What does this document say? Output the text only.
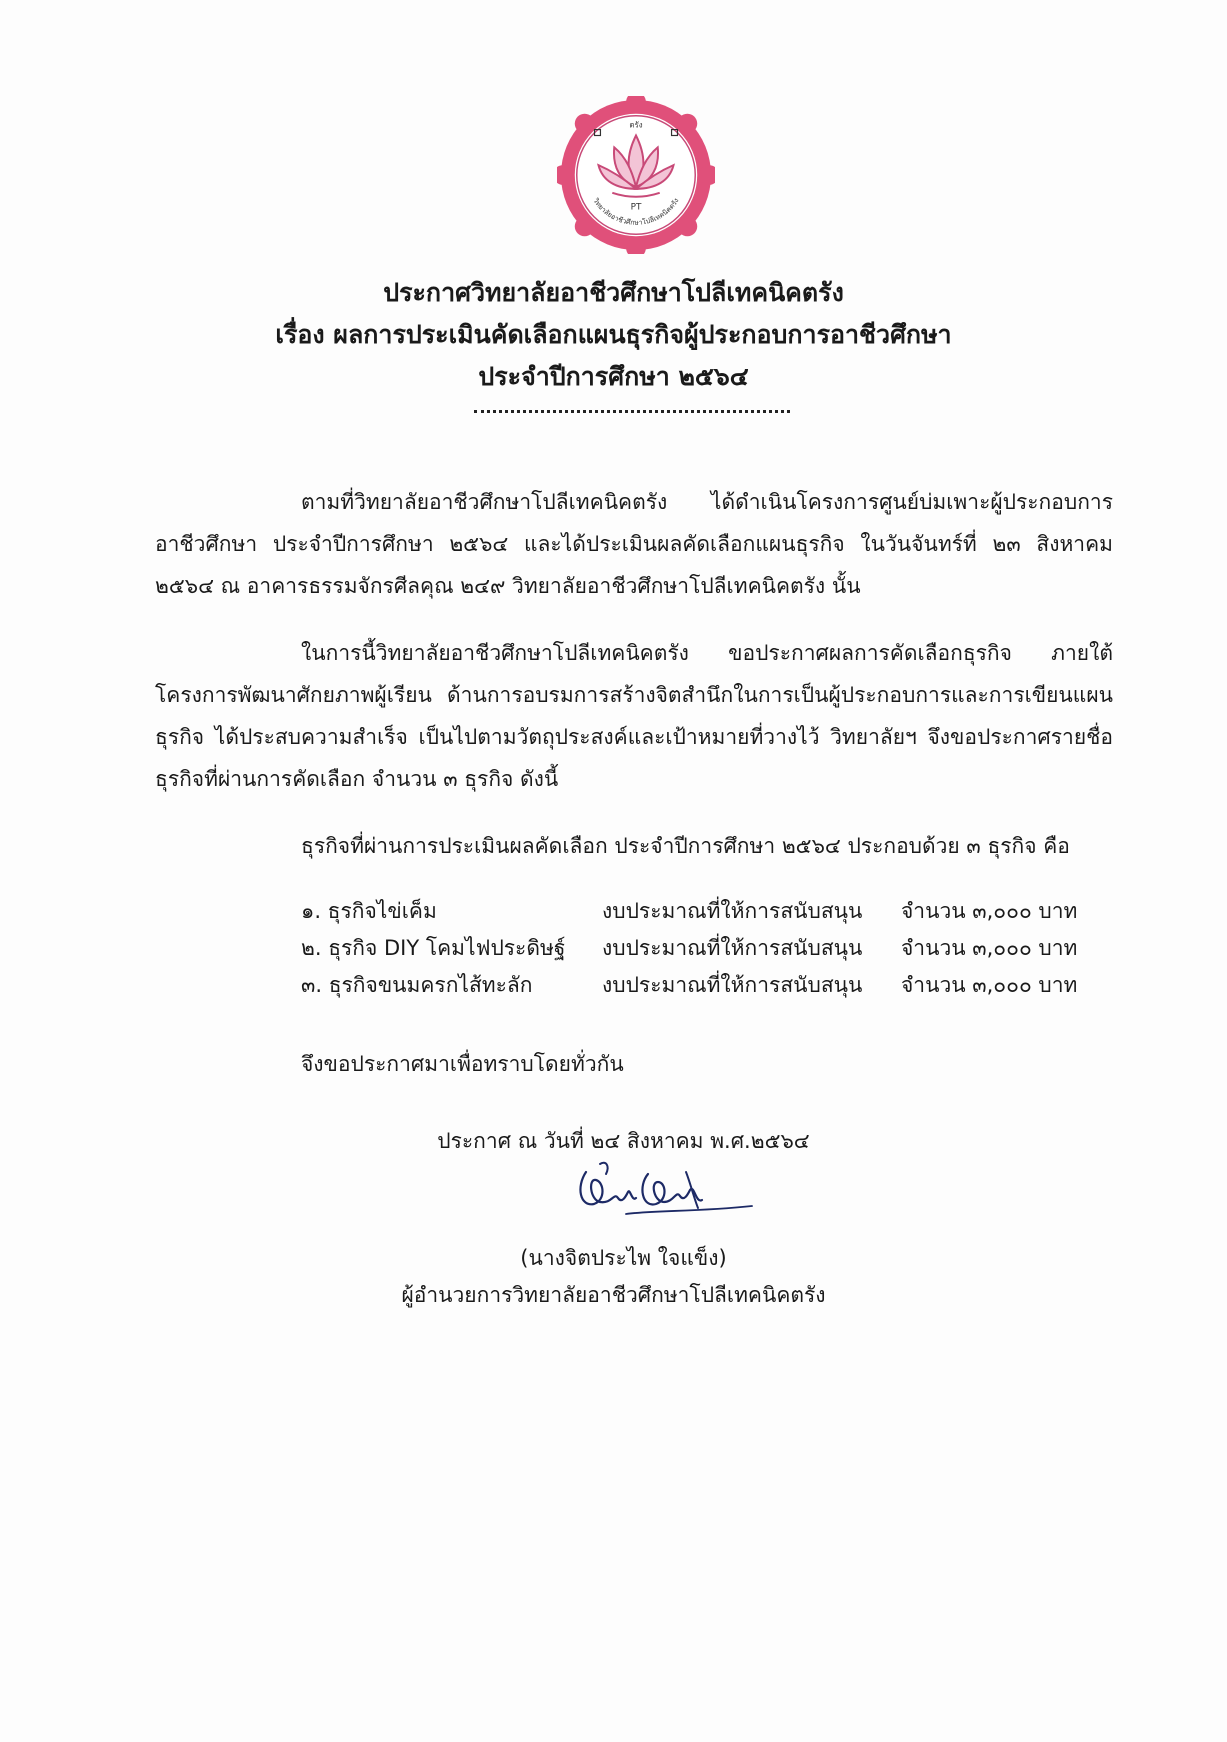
ตรัง
PT
วิทยาลัยอาชีวศึกษาโปลีเทคนิคตรัง
ประกาศวิทยาลัยอาชีวศึกษาโปลีเทคนิคตรัง
เรื่อง ผลการประเมินคัดเลือกแผนธุรกิจผู้ประกอบการอาชีวศึกษา
ประจำปีการศึกษา ๒๕๖๔
ตามที่วิทยาลัยอาชีวศึกษาโปลีเทคนิคตรัง ได้ดำเนินโครงการศูนย์บ่มเพาะผู้ประกอบการอาชีวศึกษา ประจำปีการศึกษา ๒๕๖๔ และได้ประเมินผลคัดเลือกแผนธุรกิจ ในวันจันทร์ที่ ๒๓ สิงหาคม ๒๕๖๔ ณ อาคารธรรมจักรศีลคุณ ๒๔๙ วิทยาลัยอาชีวศึกษาโปลีเทคนิคตรัง นั้น
ในการนี้วิทยาลัยอาชีวศึกษาโปลีเทคนิคตรัง ขอประกาศผลการคัดเลือกธุรกิจ ภายใต้โครงการพัฒนาศักยภาพผู้เรียน ด้านการอบรมการสร้างจิตสำนึกในการเป็นผู้ประกอบการและการเขียนแผนธุรกิจ ได้ประสบความสำเร็จ เป็นไปตามวัตถุประสงค์และเป้าหมายที่วางไว้ วิทยาลัยฯ จึงขอประกาศรายชื่อธุรกิจที่ผ่านการคัดเลือก จำนวน ๓ ธุรกิจ ดังนี้
ธุรกิจที่ผ่านการประเมินผลคัดเลือก ประจำปีการศึกษา ๒๕๖๔ ประกอบด้วย ๓ ธุรกิจ คือ
๑. ธุรกิจไข่เค็ม	งบประมาณที่ให้การสนับสนุน จำนวน ๓,๐๐๐ บาท
๒. ธุรกิจ DIY โคมไฟประดิษฐ์ งบประมาณที่ให้การสนับสนุน จำนวน ๓,๐๐๐ บาท
๓. ธุรกิจขนมครกไส้ทะลัก	งบประมาณที่ให้การสนับสนุน จำนวน ๓,๐๐๐ บาท
จึงขอประกาศมาเพื่อทราบโดยทั่วกัน
ประกาศ ณ วันที่ ๒๔ สิงหาคม พ.ศ.๒๕๖๔
(นางจิตประไพ ใจแข็ง)
ผู้อำนวยการวิทยาลัยอาชีวศึกษาโปลีเทคนิคตรัง
